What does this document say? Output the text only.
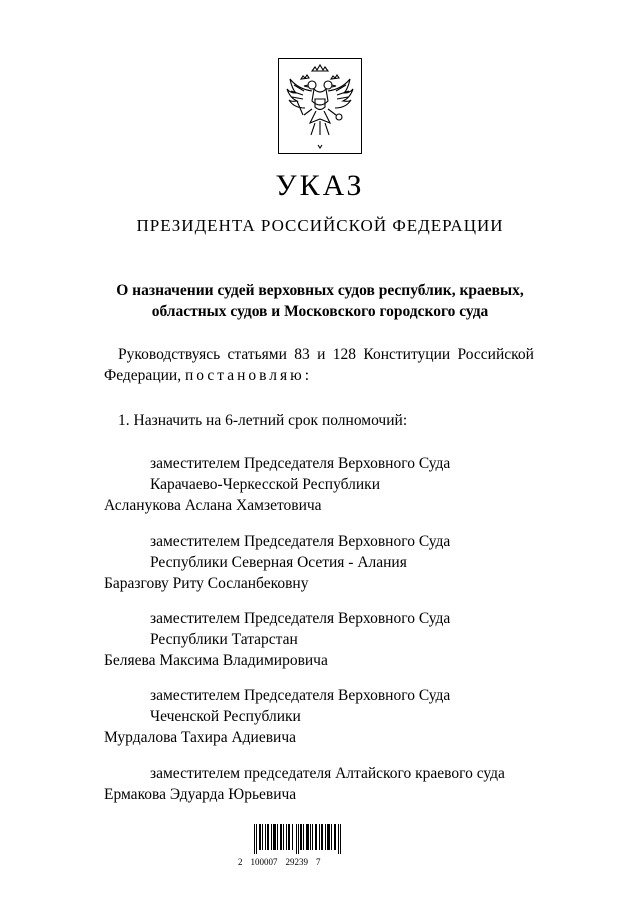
УКАЗ
ПРЕЗИДЕНТА РОССИЙСКОЙ ФЕДЕРАЦИИ
О назначении судей верховных судов республик, краевых,
областных судов и Московского городского суда
Руководствуясь статьями 83 и 128 Конституции Российской
Федерации, постановляю:
1. Назначить на 6-летний срок полномочий:
заместителем Председателя Верховного Суда
Карачаево-Черкесской Республики
Асланукова Аслана Хамзетовича
заместителем Председателя Верховного Суда
Республики Северная Осетия - Алания
Баразгову Риту Сосланбековну
заместителем Председателя Верховного Суда
Республики Татарстан
Беляева Максима Владимировича
заместителем Председателя Верховного Суда
Чеченской Республики
Мурдалова Тахира Адиевича
заместителем председателя Алтайского краевого суда
Ермакова Эдуарда Юрьевича
2 100007 29239 7
